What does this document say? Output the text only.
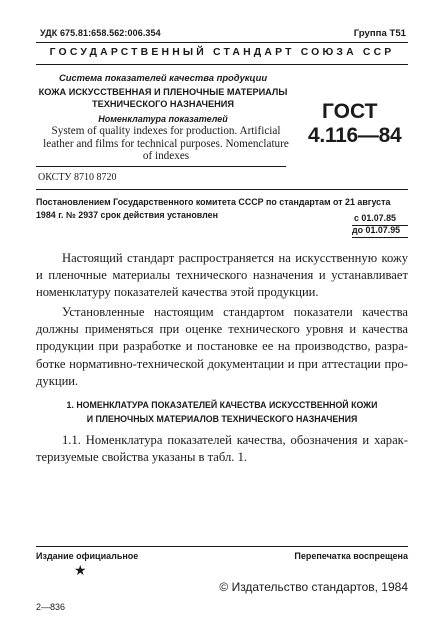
УДК 675.81:658.562:006.354	Группа Т51
ГОСУДАРСТВЕННЫЙ СТАНДАРТ СОЮЗА ССР
Система показателей качества продукции
КОЖА ИСКУССТВЕННАЯ И ПЛЕНОЧНЫЕ МАТЕРИАЛЫ
ТЕХНИЧЕСКОГО НАЗНАЧЕНИЯ
Номенклатура показателей
System of quality indexes for production. Artificial
leather and films for technical purposes. Nomenclature
of indexes
ГОСТ
4.116—84
ОКСТУ 8710 8720
Постановлением Государственного комитета СССР по стандартам от 21 августа
1984 г. № 2937 срок действия установлен	с 01.07.85
до 01.07.95
Настоящий стандарт распространяется на искусственную кожу
и пленочные материалы технического назначения и устанавливает
номенклатуру показателей качества этой продукции.
Установленные настоящим стандартом показатели качества
должны применяться при оценке технического уровня и качества
продукции при разработке и постановке ее на производство, разра-
ботке нормативно-технической документации и при аттестации про-
дукции.
1. НОМЕНКЛАТУРА ПОКАЗАТЕЛЕЙ КАЧЕСТВА ИСКУССТВЕННОЙ КОЖИ
И ПЛЕНОЧНЫХ МАТЕРИАЛОВ ТЕХНИЧЕСКОГО НАЗНАЧЕНИЯ
1.1. Номенклатура показателей качества, обозначения и харак-
теризуемые свойства указаны в табл. 1.
Издание официальное
★
Перепечатка воспрещена
© Издательство стандартов, 1984
2—836
